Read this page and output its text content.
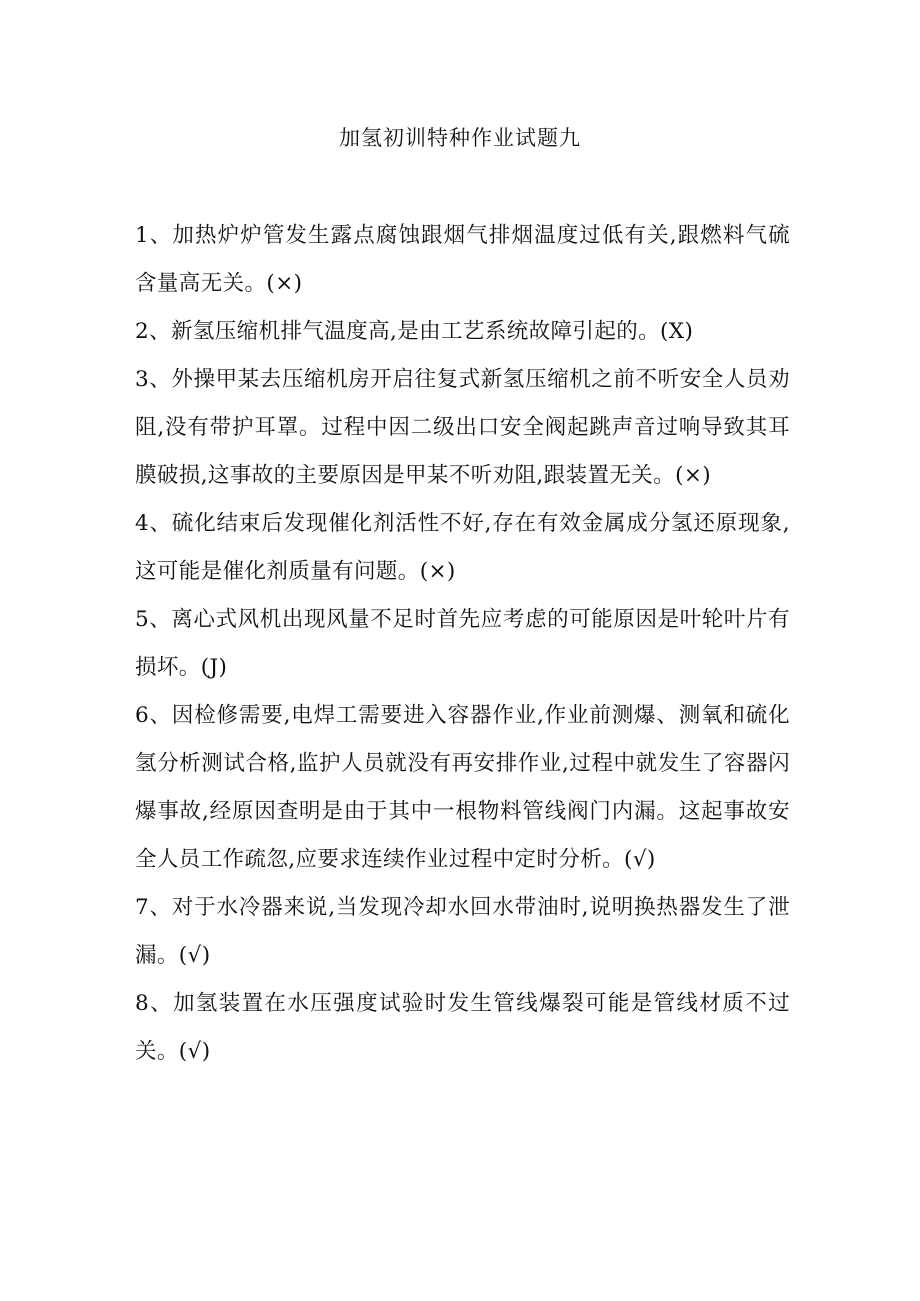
加氢初训特种作业试题九
1、加热炉炉管发生露点腐蚀跟烟气排烟温度过低有关,跟燃料气硫含量高无关。(×)
2、新氢压缩机排气温度高,是由工艺系统故障引起的。(X)
3、外操甲某去压缩机房开启往复式新氢压缩机之前不听安全人员劝阻,没有带护耳罩。过程中因二级出口安全阀起跳声音过响导致其耳膜破损,这事故的主要原因是甲某不听劝阻,跟装置无关。(×)
4、硫化结束后发现催化剂活性不好,存在有效金属成分氢还原现象,这可能是催化剂质量有问题。(×)
5、离心式风机出现风量不足时首先应考虑的可能原因是叶轮叶片有损坏。(J)
6、因检修需要,电焊工需要进入容器作业,作业前测爆、测氧和硫化氢分析测试合格,监护人员就没有再安排作业,过程中就发生了容器闪爆事故,经原因查明是由于其中一根物料管线阀门内漏。这起事故安全人员工作疏忽,应要求连续作业过程中定时分析。(√)
7、对于水冷器来说,当发现冷却水回水带油时,说明换热器发生了泄漏。(√)
8、加氢装置在水压强度试验时发生管线爆裂可能是管线材质不过关。(√)
